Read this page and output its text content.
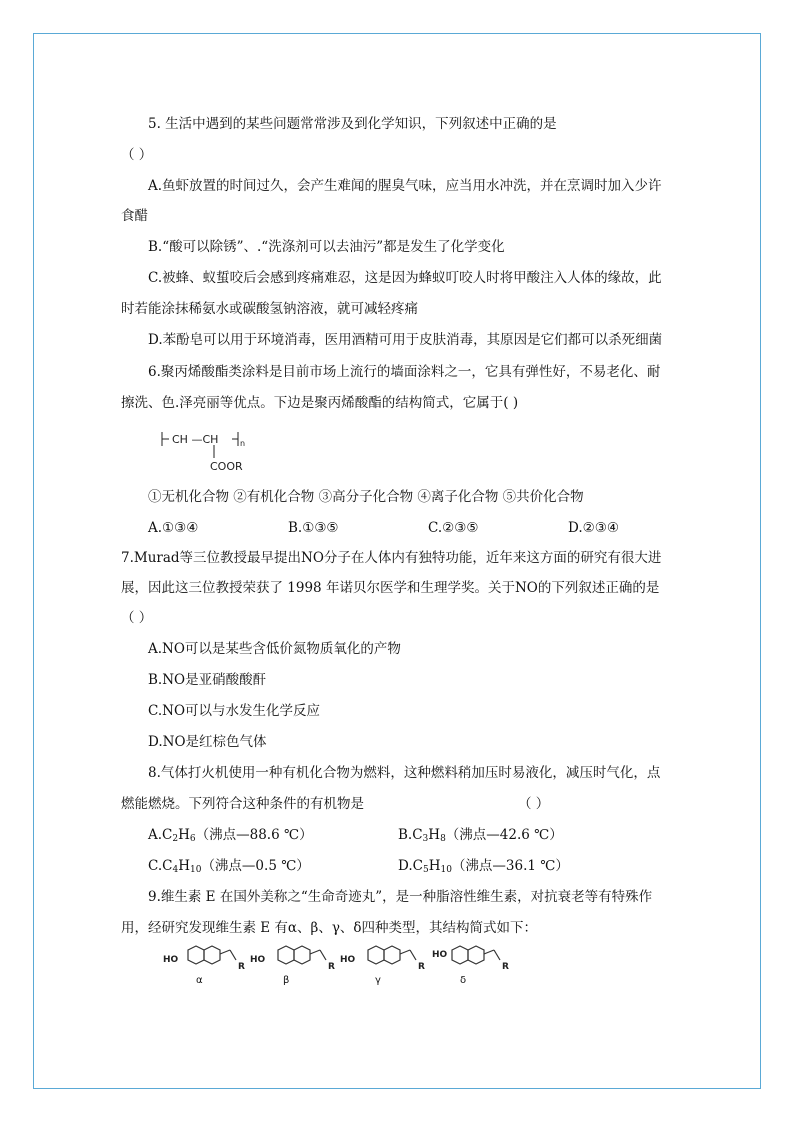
5. 生活中遇到的某些问题常常涉及到化学知识，下列叙述中正确的是
（ ）
A.鱼虾放置的时间过久，会产生难闻的腥臭气味，应当用水冲洗，并在烹调时加入少许
食醋
B.“酸可以除锈”、.“洗涤剂可以去油污”都是发生了化学变化
C.被蜂、蚁蜇咬后会感到疼痛难忍，这是因为蜂蚁叮咬人时将甲酸注入人体的缘故，此
时若能涂抹稀氨水或碳酸氢钠溶液，就可减轻疼痛
D.苯酚皂可以用于环境消毒，医用酒精可用于皮肤消毒，其原因是它们都可以杀死细菌
6.聚丙烯酸酯类涂料是目前市场上流行的墙面涂料之一，它具有弹性好，不易老化、耐
擦洗、色.泽亮丽等优点。下边是聚丙烯酸酯的结构简式，它属于( )
CH —CH	n
COOR
①无机化合物 ②有机化合物 ③高分子化合物 ④离子化合物 ⑤共价化合物
A.①③④	B.①③⑤	C.②③⑤	D.②③④
7.Murad等三位教授最早提出NO分子在人体内有独特功能，近年来这方面的研究有很大进
展，因此这三位教授荣获了 1998 年诺贝尔医学和生理学奖。关于NO的下列叙述正确的是
（ ）
A.NO可以是某些含低价氮物质氧化的产物
B.NO是亚硝酸酸酐
C.NO可以与水发生化学反应
D.NO是红棕色气体
8.气体打火机使用一种有机化合物为燃料，这种燃料稍加压时易液化，减压时气化，点
燃能燃烧。下列符合这种条件的有机物是	（ ）
$A.C_2H_6$（沸点—88.6 ℃）	$B.C_3H_8$（沸点—42.6 ℃）
$C.C_4H_{10}$（沸点—0.5 ℃）	$D.C_5H_{10}$（沸点—36.1 ℃）
9.维生素 E 在国外美称之“生命奇迹丸”，是一种脂溶性维生素，对抗衰老等有特殊作
用，经研究发现维生素 E 有α、β、γ、δ四种类型，其结构简式如下：
HO
R
HO
R
HO
R
HO
R
α	β	γ	δ
